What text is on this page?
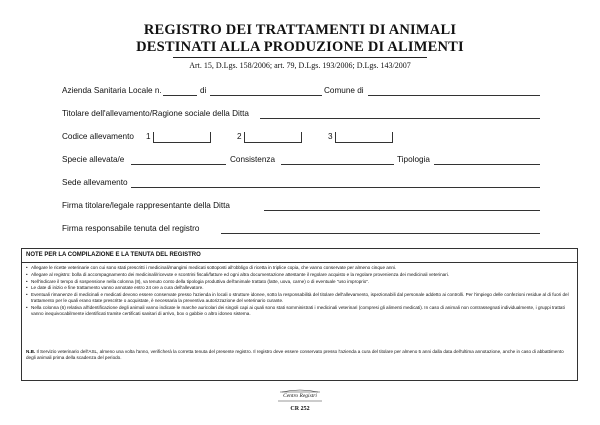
REGISTRO DEI TRATTAMENTI DI ANIMALI
DESTINATI ALLA PRODUZIONE DI ALIMENTI
Art. 15, D.Lgs. 158/2006; art. 79, D.Lgs. 193/2006; D.Lgs. 143/2007
Azienda Sanitaria Locale n.	di	Comune di
Titolare dell'allevamento/Ragione sociale della Ditta
Codice allevamento 1	2	3
Specie allevata/e	Consistenza	Tipologia
Sede allevamento
Firma titolare/legale rappresentante della Ditta
Firma responsabile tenuta del registro
NOTE PER LA COMPILAZIONE E LA TENUTA DEL REGISTRO
• Allegare le ricette veterinarie con cui sono stati prescritti i medicinali/mangimi medicati sottoposti all'obbligo di ricetta in triplice copia, che vanno conservate per almeno cinque anni.
• Allegare al registro: bolla di accompagnamento dei medicinali/ricevute e scontrini fiscali/fatture ed ogni altra documentazione attestante il regolare acquisto e la regolare provenienza dei medicinali veterinari.
• Nell'indicare il tempo di sospensione nella colonna (8), va tenuto conto della tipologia produttiva dell'animale trattato (latte, uova, carne) o di eventuale "uso improprio".
• Le date di inizio e fine trattamento vanno annotate entro 24 ore a cura dell'allevatore.
• Eventuali rimanenze di medicinali e medicati devono essere conservate presso l'azienda in locali o strutture idonee, sotto la responsabilità del titolare dell'allevamento, ispezionabili dal personale addetto ai controlli. Per l'impiego delle confezioni residue al di fuori del trattamento per le quali erano state prescritte o acquistate, è necessaria la preventiva autorizzazione del veterinario curante.
• Nella colonna (6) relativa all'identificazione degli animali vanno indicate le marche auricolari dei singoli capi ai quali sono stati somministrati i medicinali veterinari (compresi gli alimenti medicati). In caso di animali non contrassegnati individualmente, i gruppi trattati vanno inequivocabilmente identificati tramite certificati sanitari di arrivo, box o gabbie o altro idoneo sistema.
N.B. Il Servizio veterinario dell'ASL, almeno una volta l'anno, verificherà la corretta tenuta del presente registro. Il registro deve essere conservato presso l'azienda a cura del titolare per almeno 5 anni dalla data dell'ultima annotazione, anche in caso di abbattimento degli animali prima della scadenza del periodo.
Centro Registri
CR 252
